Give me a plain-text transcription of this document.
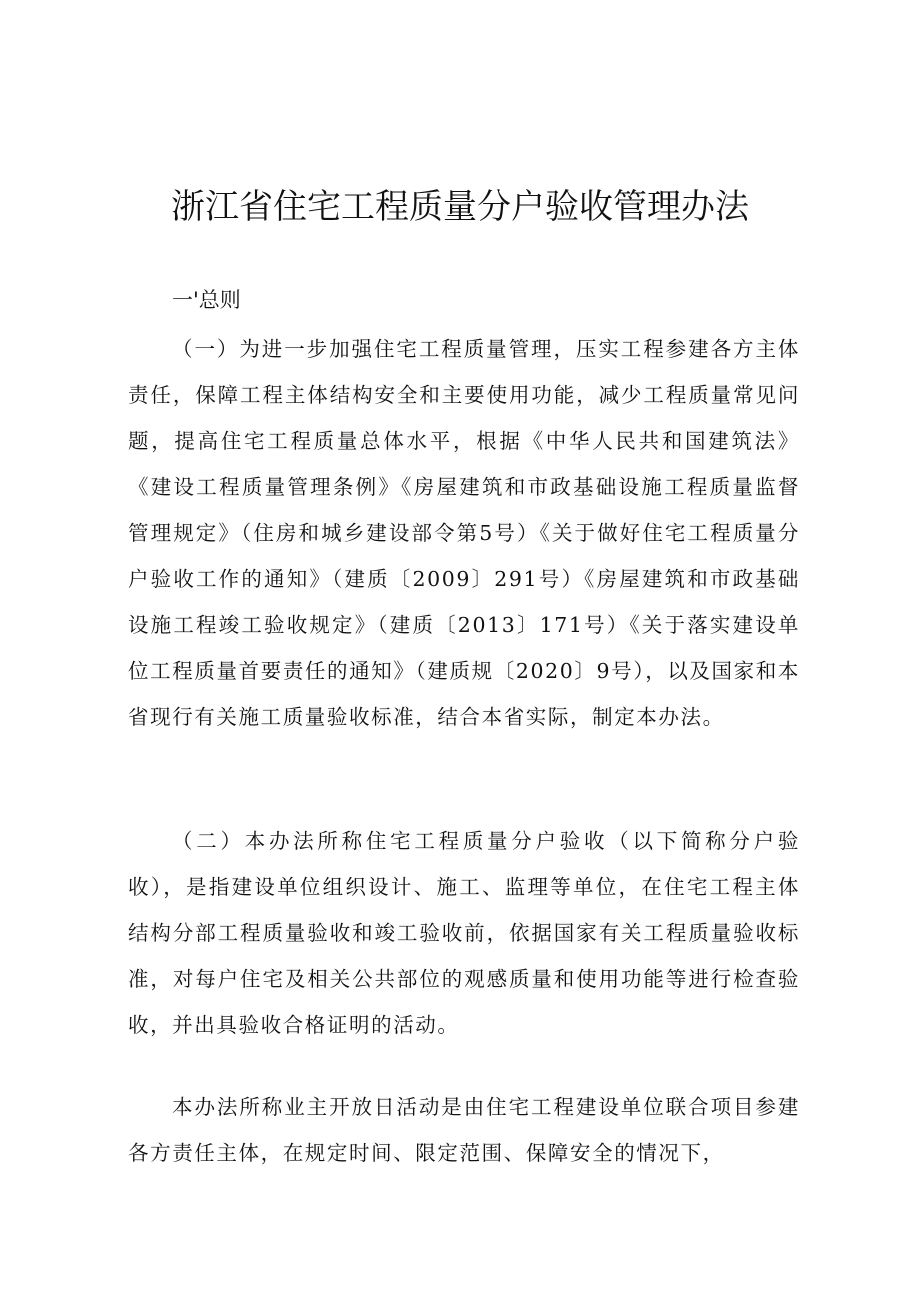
浙江省住宅工程质量分户验收管理办法
一'总则

（一）为进一步加强住宅工程质量管理，压实工程参建各方主体责任，保障工程主体结构安全和主要使用功能，减少工程质量常见问题，提高住宅工程质量总体水平，根据《中华人民共和国建筑法》《建设工程质量管理条例》《房屋建筑和市政基础设施工程质量监督管理规定》（住房和城乡建设部令第5号）《关于做好住宅工程质量分户验收工作的通知》（建质〔2009〕291号）《房屋建筑和市政基础设施工程竣工验收规定》（建质〔2013〕171号）《关于落实建设单位工程质量首要责任的通知》（建质规〔2020〕9号），以及国家和本省现行有关施工质量验收标准，结合本省实际，制定本办法。

（二）本办法所称住宅工程质量分户验收（以下简称分户验收），是指建设单位组织设计、施工、监理等单位，在住宅工程主体结构分部工程质量验收和竣工验收前，依据国家有关工程质量验收标准，对每户住宅及相关公共部位的观感质量和使用功能等进行检查验收，并出具验收合格证明的活动。

本办法所称业主开放日活动是由住宅工程建设单位联合项目参建各方责任主体，在规定时间、限定范围、保障安全的情况下，
